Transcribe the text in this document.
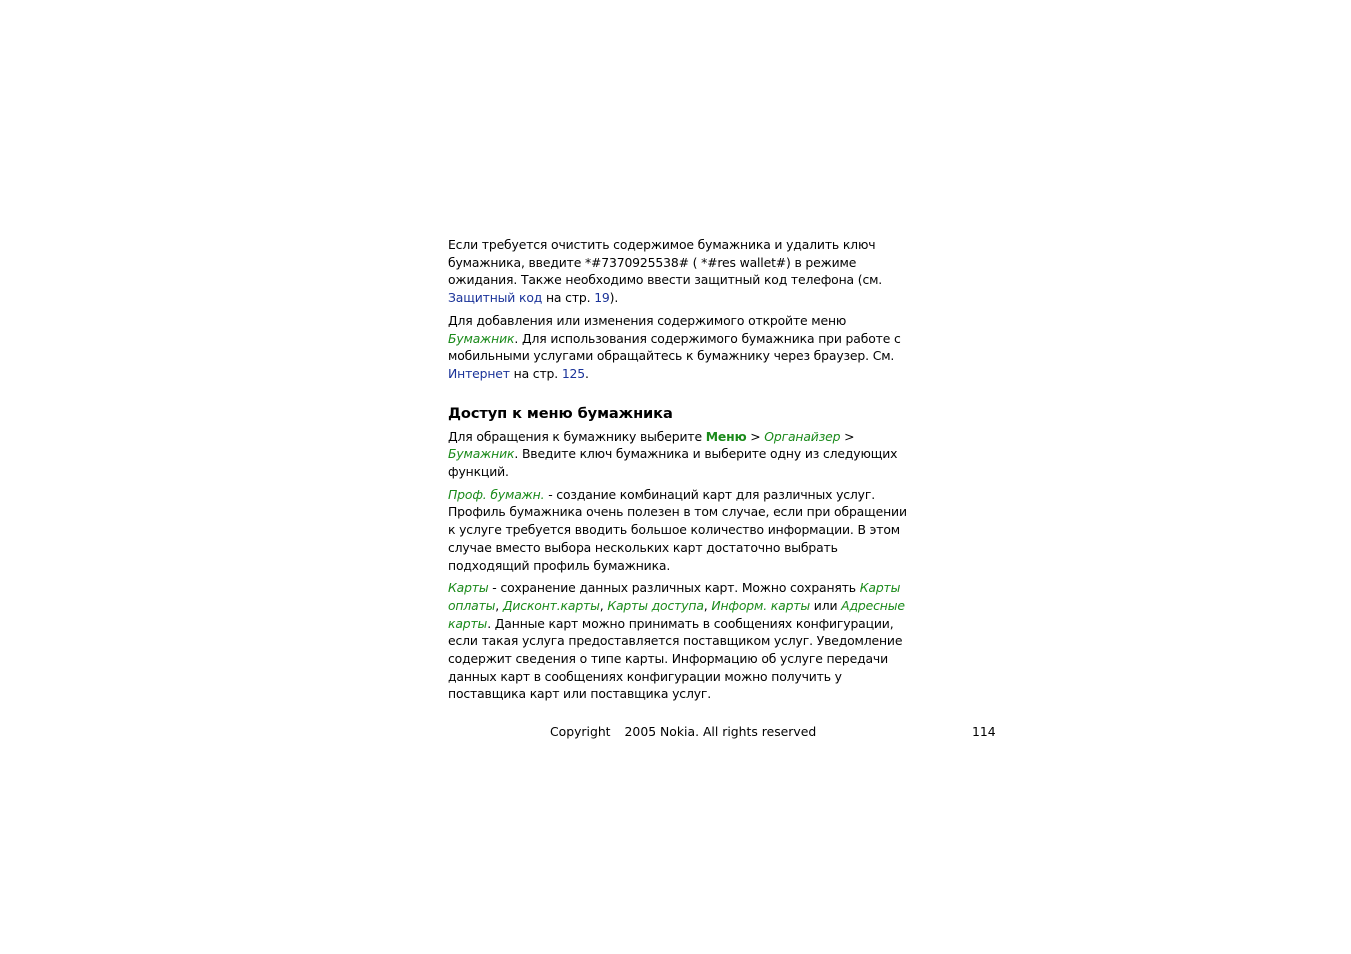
Если требуется очистить содержимое бумажника и удалить ключ бумажника, введите *#7370925538# ( *#res wallet#) в режиме ожидания. Также необходимо ввести защитный код телефона (см. Защитный код на стр. 19).

Для добавления или изменения содержимого откройте меню Бумажник. Для использования содержимого бумажника при работе с мобильными услугами обращайтесь к бумажнику через браузер. См. Интернет на стр. 125.

Доступ к меню бумажника

Для обращения к бумажнику выберите Меню > Органайзер > Бумажник. Введите ключ бумажника и выберите одну из следующих функций.

Проф. бумажн. - создание комбинаций карт для различных услуг. Профиль бумажника очень полезен в том случае, если при обращении к услуге требуется вводить большое количество информации. В этом случае вместо выбора нескольких карт достаточно выбрать подходящий профиль бумажника.

Карты - сохранение данных различных карт. Можно сохранять Карты оплаты, Дисконт.карты, Карты доступа, Информ. карты или Адресные карты. Данные карт можно принимать в сообщениях конфигурации, если такая услуга предоставляется поставщиком услуг. Уведомление содержит сведения о типе карты. Информацию об услуге передачи данных карт в сообщениях конфигурации можно получить у поставщика карт или поставщика услуг.

Copyright 2005 Nokia. All rights reserved	114
